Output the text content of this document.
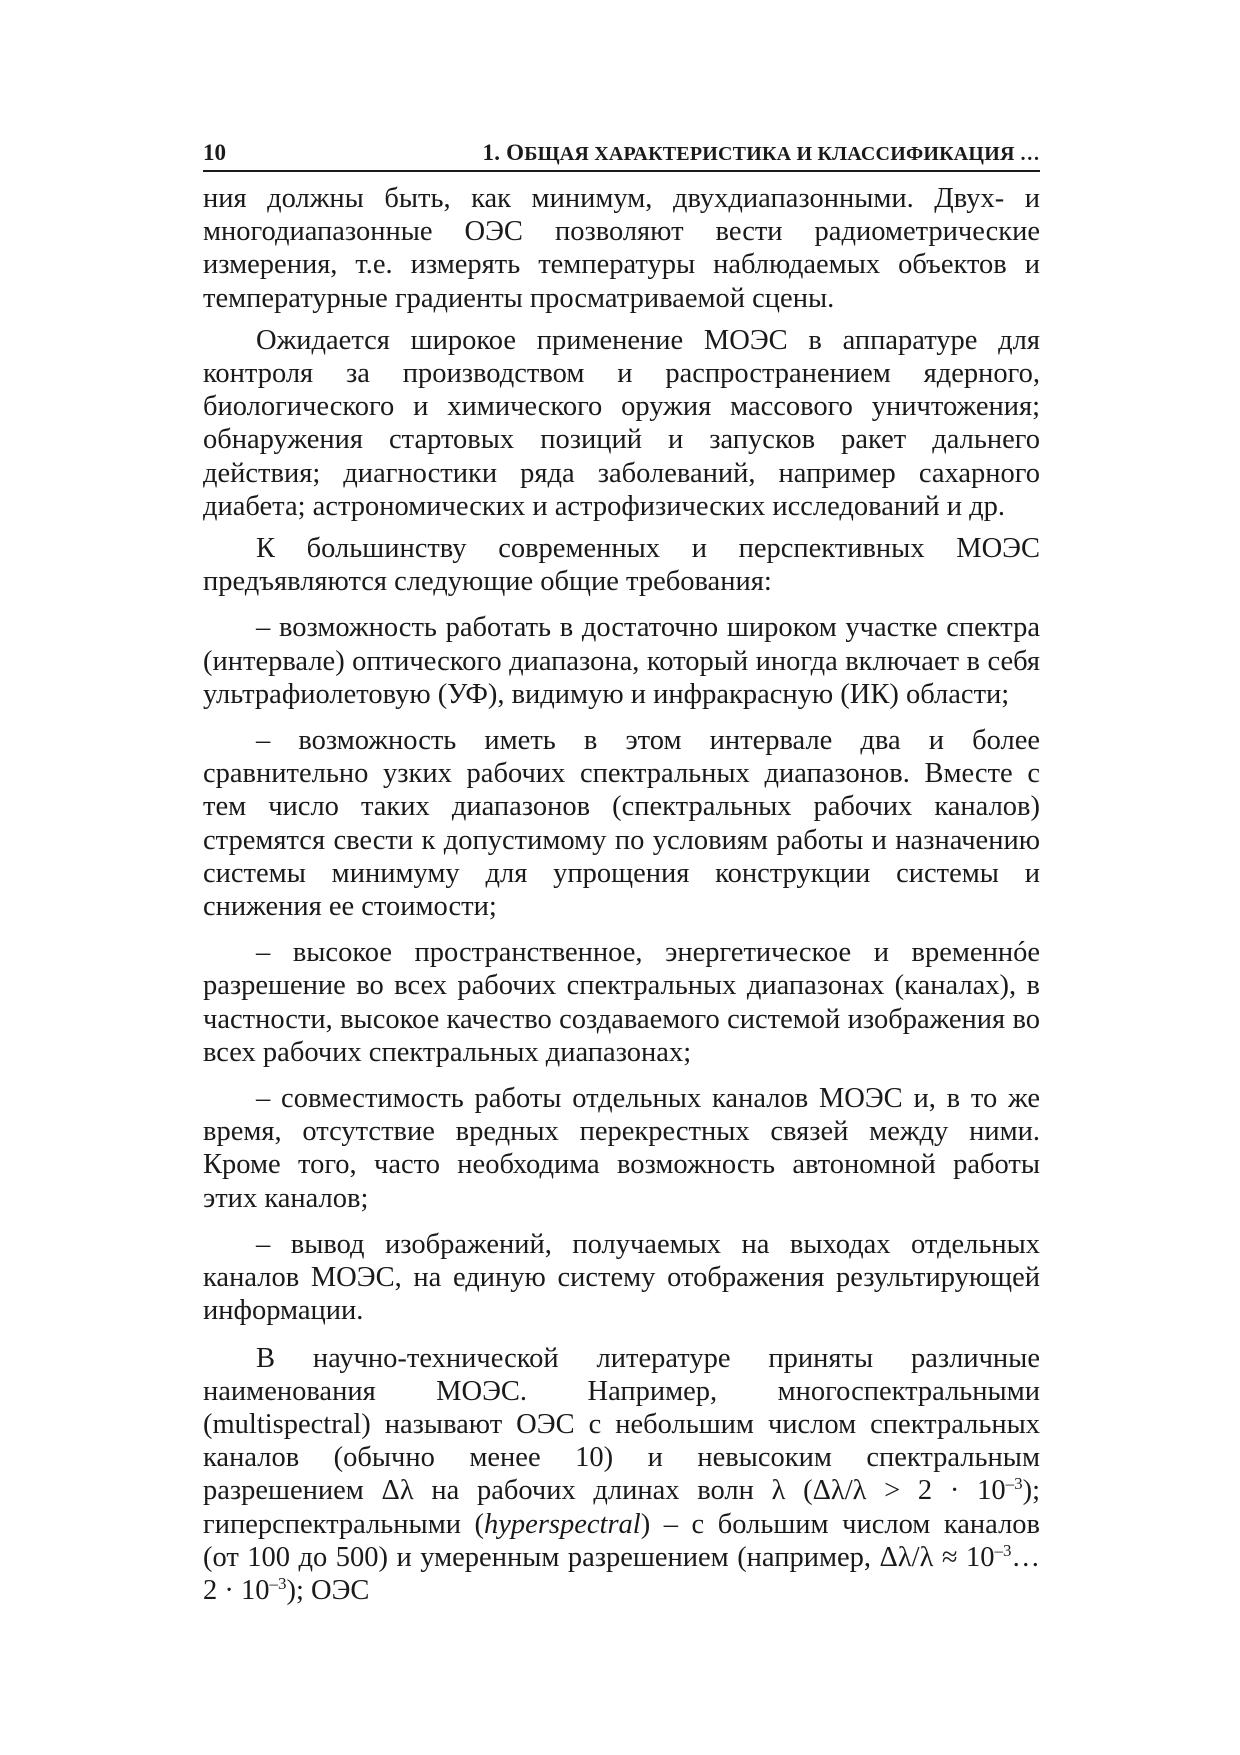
10	1. ОБЩАЯ ХАРАКТЕРИСТИКА И КЛАССИФИКАЦИЯ …

ния должны быть, как минимум, двухдиапазонными. Двух- и многодиапазонные ОЭС позволяют вести радиометрические измерения, т.е. измерять температуры наблюдаемых объектов и температурные градиенты просматриваемой сцены.

Ожидается широкое применение МОЭС в аппаратуре для контроля за производством и распространением ядерного, биологического и химического оружия массового уничтожения; обнаружения стартовых позиций и запусков ракет дальнего действия; диагностики ряда заболеваний, например сахарного диабета; астрономических и астрофизических исследований и др.

К большинству современных и перспективных МОЭС предъявляются следующие общие требования:

– возможность работать в достаточно широком участке спектра (интервале) оптического диапазона, который иногда включает в себя ультрафиолетовую (УФ), видимую и инфракрасную (ИК) области;

– возможность иметь в этом интервале два и более сравнительно узких рабочих спектральных диапазонов. Вместе с тем число таких диапазонов (спектральных рабочих каналов) стремятся свести к допустимому по условиям работы и назначению системы минимуму для упрощения конструкции системы и снижения ее стоимости;

– высокое пространственное, энергетическое и временнóе разрешение во всех рабочих спектральных диапазонах (каналах), в частности, высокое качество создаваемого системой изображения во всех рабочих спектральных диапазонах;

– совместимость работы отдельных каналов МОЭС и, в то же время, отсутствие вредных перекрестных связей между ними. Кроме того, часто необходима возможность автономной работы этих каналов;

– вывод изображений, получаемых на выходах отдельных каналов МОЭС, на единую систему отображения результирующей информации.

В научно-технической литературе приняты различные наименования МОЭС. Например, многоспектральными (multispectral) называют ОЭС с небольшим числом спектральных каналов (обычно менее 10) и невысоким спектральным разрешением Δλ на рабочих длинах волн λ $(\Delta\lambda/\lambda > 2 \cdot 10^{-3})$; гиперспектральными (hyperspectral) – с большим числом каналов (от 100 до 500) и умеренным разрешением (например, $\Delta\lambda/\lambda \approx 10^{-3}\dots 2 \cdot 10^{-3}$); ОЭС
